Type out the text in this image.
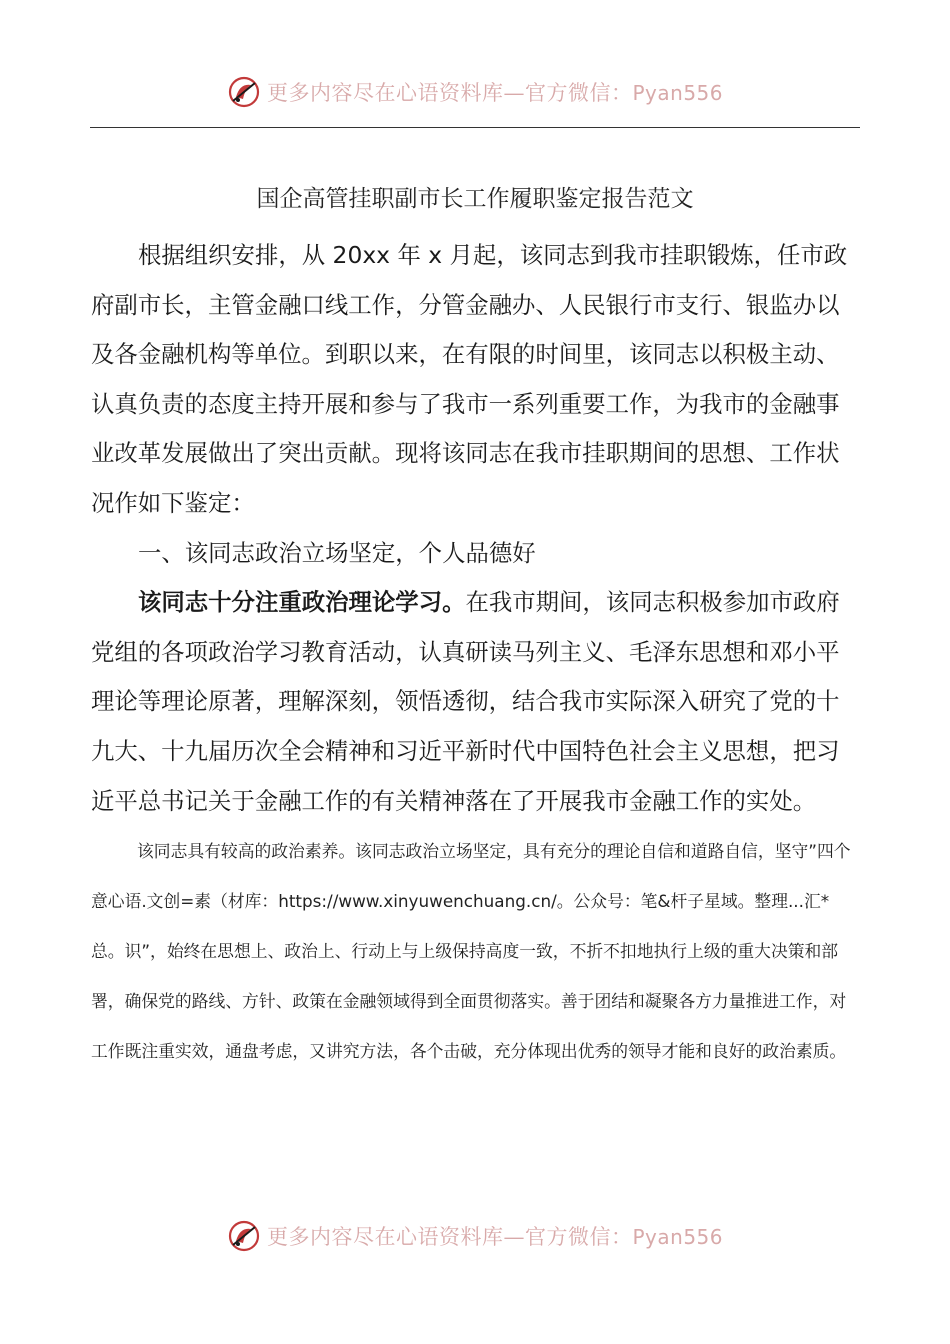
更多内容尽在心语资料库—官方微信：Pyan556
国企高管挂职副市长工作履职鉴定报告范文

根据组织安排，从 20xx 年 x 月起，该同志到我市挂职锻炼，任市政府副市长，主管金融口线工作，分管金融办、人民银行市支行、银监办以及各金融机构等单位。到职以来，在有限的时间里，该同志以积极主动、认真负责的态度主持开展和参与了我市一系列重要工作，为我市的金融事业改革发展做出了突出贡献。现将该同志在我市挂职期间的思想、工作状况作如下鉴定：

一、该同志政治立场坚定，个人品德好

该同志十分注重政治理论学习。在我市期间，该同志积极参加市政府党组的各项政治学习教育活动，认真研读马列主义、毛泽东思想和邓小平理论等理论原著，理解深刻，领悟透彻，结合我市实际深入研究了党的十九大、十九届历次全会精神和习近平新时代中国特色社会主义思想，把习近平总书记关于金融工作的有关精神落在了开展我市金融工作的实处。

该同志具有较高的政治素养。该同志政治立场坚定，具有充分的理论自信和道路自信，坚守”四个意心语.文创=素（材库：https://www.xinyuwenchuang.cn/。公众号：笔&杆子星域。整理...汇*总。识”，始终在思想上、政治上、行动上与上级保持高度一致，不折不扣地执行上级的重大决策和部署，确保党的路线、方针、政策在金融领域得到全面贯彻落实。善于团结和凝聚各方力量推进工作，对工作既注重实效，通盘考虑，又讲究方法，各个击破，充分体现出优秀的领导才能和良好的政治素质。

更多内容尽在心语资料库—官方微信：Pyan556
